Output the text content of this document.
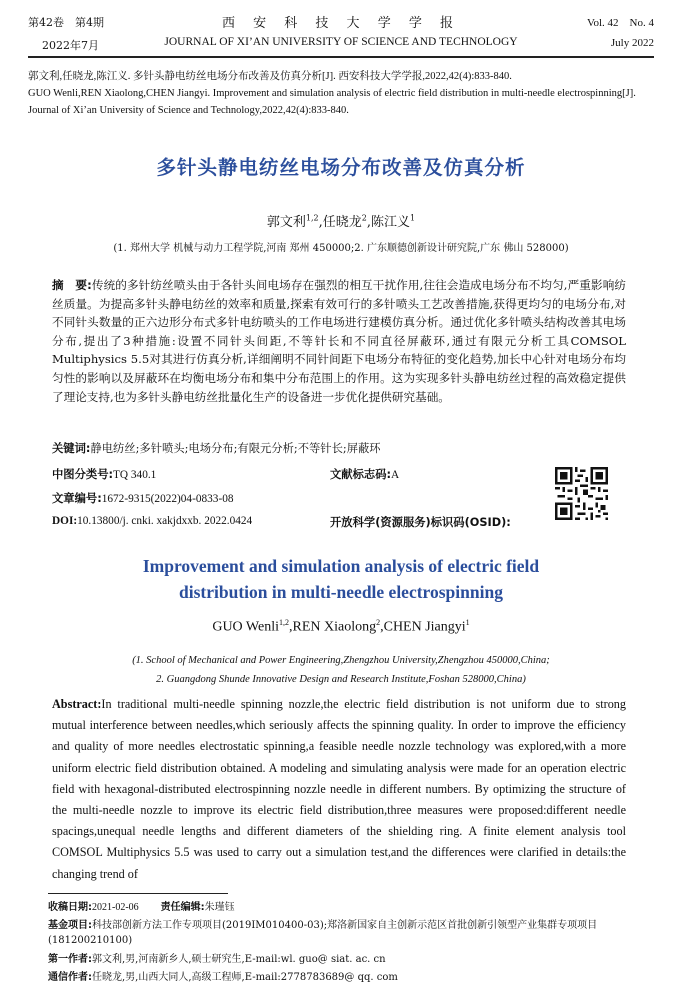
第42卷　第4期
2022年7月
西 安 科 技 大 学 学 报
JOURNAL OF XI’AN UNIVERSITY OF SCIENCE AND TECHNOLOGY
Vol. 42　No. 4
July 2022
郭文利,任晓龙,陈江义. 多针头静电纺丝电场分布改善及仿真分析[J]. 西安科技大学学报,2022,42(4):833-840.
GUO Wenli,REN Xiaolong,CHEN Jiangyi. Improvement and simulation analysis of electric field distribution in multi-needle electrospinning[J]. Journal of Xi’an University of Science and Technology,2022,42(4):833-840.
多针头静电纺丝电场分布改善及仿真分析
郭文利$^{1,2}$,任晓龙$^2$,陈江义$^1$
(1. 郑州大学 机械与动力工程学院,河南 郑州 450000;2. 广东顺德创新设计研究院,广东 佛山 528000)
摘　要:传统的多针纺丝喷头由于各针头间电场存在强烈的相互干扰作用,往往会造成电场分布不均匀,严重影响纺丝质量。为提高多针头静电纺丝的效率和质量,探索有效可行的多针喷头工艺改善措施,获得更均匀的电场分布,对不同针头数量的正六边形分布式多针电纺喷头的工作电场进行建模仿真分析。通过优化多针喷头结构改善其电场分布,提出了3种措施:设置不同针头间距,不等针长和不同直径屏蔽环,通过有限元分析工具COMSOL Multiphysics 5.5对其进行仿真分析,详细阐明不同针间距下电场分布特征的变化趋势,加长中心针对电场分布均匀性的影响以及屏蔽环在均衡电场分布和集中分布范围上的作用。这为实现多针头静电纺丝过程的高效稳定提供了理论支持,也为多针头静电纺丝批量化生产的设备进一步优化提供研究基础。
关键词:静电纺丝;多针喷头;电场分布;有限元分析;不等针长;屏蔽环
中图分类号:TQ 340.1	文献标志码:A
文章编号:1672-9315(2022)04-0833-08
DOI:10.13800/j. cnki. xakjdxxb. 2022.0424	开放科学(资源服务)标识码(OSID):
Improvement and simulation analysis of electric field
distribution in multi-needle electrospinning
GUO Wenli$^{1,2}$,REN Xiaolong$^2$,CHEN Jiangyi$^1$
(1. School of Mechanical and Power Engineering,Zhengzhou University,Zhengzhou 450000,China;
2. Guangdong Shunde Innovative Design and Research Institute,Foshan 528000,China)
Abstract:In traditional multi-needle spinning nozzle,the electric field distribution is not uniform due to strong mutual interference between needles,which seriously affects the spinning quality. In order to improve the efficiency and quality of more needles electrostatic spinning,a feasible needle nozzle technology was explored,with a more uniform electric field distribution obtained. A modeling and simulating analysis were made for an operation electric field with hexagonal-distributed electrospinning nozzle needle in different numbers. By optimizing the structure of the multi-needle nozzle to improve its electric field distribution,three measures were proposed:different needle spacings,unequal needle lengths and different diameters of the shielding ring. A finite element analysis tool COMSOL Multiphysics 5.5 was used to carry out a simulation test,and the differences were clarified in details:the changing trend of
收稿日期:2021-02-06 责任编辑:朱瑾钰
基金项目:科技部创新方法工作专项项目(2019IM010400-03);郑洛新国家自主创新示范区首批创新引领型产业集群专项项目(181200210100)
第一作者:郭文利,男,河南新乡人,硕士研究生,E-mail:wl. guo@ siat. ac. cn
通信作者:任晓龙,男,山西大同人,高级工程师,E-mail:2778783689@ qq. com
